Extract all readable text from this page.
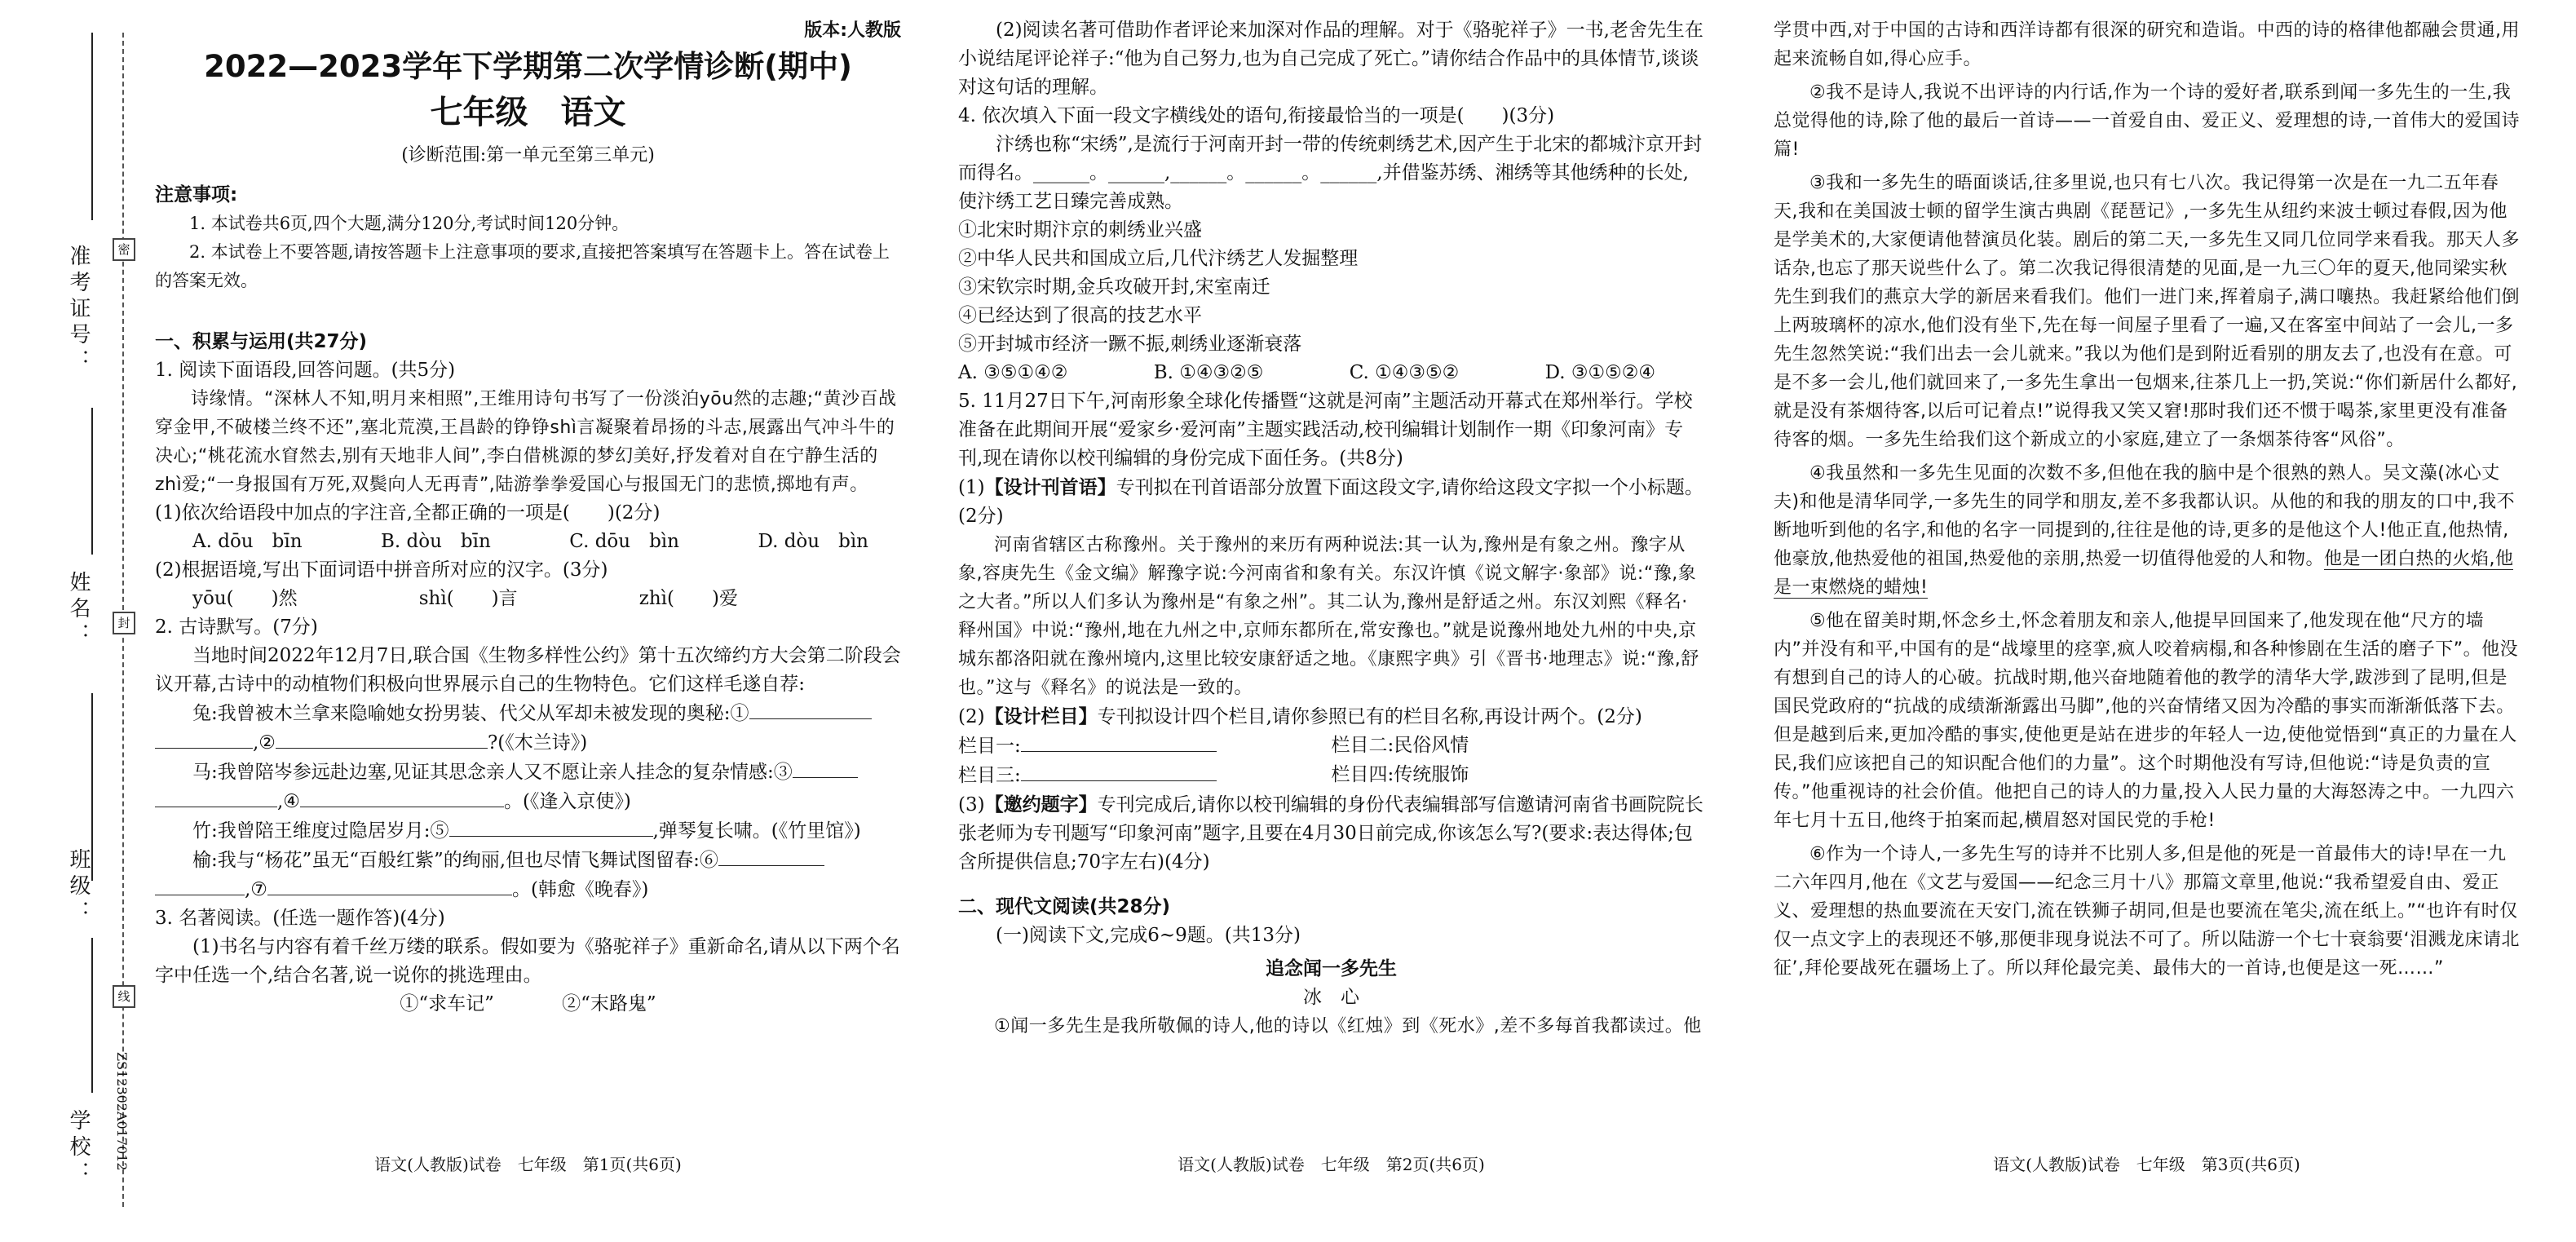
准考证号：
姓名：
班级：
学校：
密
封
线
ZS12302A017012

版本:人教版

2022—2023学年下学期第二次学情诊断(期中)

七年级　语文

(诊断范围:第一单元至第三单元)

注意事项:

1. 本试卷共6页,四个大题,满分120分,考试时间120分钟。

2. 本试卷上不要答题,请按答题卡上注意事项的要求,直接把答案填写在答题卡上。答在试卷上的答案无效。

一、积累与运用(共27分)

1. 阅读下面语段,回答问题。(共5分)

诗缘情。“深林人不知,明月来相照”,王维用诗句书写了一份淡泊yōu然的志趣;“黄沙百战穿金甲,不破楼兰终不还”,塞北荒漠,王昌龄的铮铮shì言凝聚着昂扬的斗志,展露出气冲斗牛的决心;“桃花流水窅然去,别有天地非人间”,李白借桃源的梦幻美好,抒发着对自在宁静生活的zhì爱;“一身报国有万死,双鬓向人无再青”,陆游拳拳爱国心与报国无门的悲愤,掷地有声。

(1)依次给语段中加点的字注音,全都正确的一项是(　　)(2分)

A. dōu　bīn	B. dòu　bīn	C. dōu　bìn	D. dòu　bìn

(2)根据语境,写出下面词语中拼音所对应的汉字。(3分)

yōu(　　)然	shì(　　)言	zhì(　　)爱

2. 古诗默写。(7分)

当地时间2022年12月7日,联合国《生物多样性公约》第十五次缔约方大会第二阶段会议开幕,古诗中的动植物们积极向世界展示自己的生物特色。它们这样毛遂自荐:

兔:我曾被木兰拿来隐喻她女扮男装、代父从军却未被发现的奥秘:①
,②	?(《木兰诗》)

马:我曾陪岑参远赴边塞,见证其思念亲人又不愿让亲人挂念的复杂情感:③
,④	。(《逢入京使》)

竹:我曾陪王维度过隐居岁月:⑤	,弹琴复长啸。(《竹里馆》)

榆:我与“杨花”虽无“百般红紫”的绚丽,但也尽情飞舞试图留春:⑥
,⑦	。(韩愈《晚春》)

3. 名著阅读。(任选一题作答)(4分)

(1)书名与内容有着千丝万缕的联系。假如要为《骆驼祥子》重新命名,请从以下两个名字中任选一个,结合名著,说一说你的挑选理由。

①“求车记”　　	②“末路鬼”

语文(人教版)试卷　七年级　第1页(共6页)

(2)阅读名著可借助作者评论来加深对作品的理解。对于《骆驼祥子》一书,老舍先生在小说结尾评论祥子:“他为自己努力,也为自己完成了死亡。”请你结合作品中的具体情节,谈谈对这句话的理解。

4. 依次填入下面一段文字横线处的语句,衔接最恰当的一项是(　　)(3分)

汴绣也称“宋绣”,是流行于河南开封一带的传统刺绣艺术,因产生于北宋的都城汴京开封而得名。______。______,______。______。______,并借鉴苏绣、湘绣等其他绣种的长处,使汴绣工艺日臻完善成熟。

①北宋时期汴京的刺绣业兴盛

②中华人民共和国成立后,几代汴绣艺人发掘整理

③宋钦宗时期,金兵攻破开封,宋室南迁

④已经达到了很高的技艺水平

⑤开封城市经济一蹶不振,刺绣业逐渐衰落

A. ③⑤①④②	B. ①④③②⑤	C. ①④③⑤②	D. ③①⑤②④

5. 11月27日下午,河南形象全球化传播暨“这就是河南”主题活动开幕式在郑州举行。学校准备在此期间开展“爱家乡·爱河南”主题实践活动,校刊编辑计划制作一期《印象河南》专刊,现在请你以校刊编辑的身份完成下面任务。(共8分)

(1)【设计刊首语】专刊拟在刊首语部分放置下面这段文字,请你给这段文字拟一个小标题。(2分)

河南省辖区古称豫州。关于豫州的来历有两种说法:其一认为,豫州是有象之州。豫字从象,容庚先生《金文编》解豫字说:今河南省和象有关。东汉许慎《说文解字·象部》说:“豫,象之大者。”所以人们多认为豫州是“有象之州”。其二认为,豫州是舒适之州。东汉刘熙《释名·释州国》中说:“豫州,地在九州之中,京师东都所在,常安豫也。”就是说豫州地处九州的中央,京城东都洛阳就在豫州境内,这里比较安康舒适之地。《康熙字典》引《晋书·地理志》说:“豫,舒也。”这与《释名》的说法是一致的。

(2)【设计栏目】专刊拟设计四个栏目,请你参照已有的栏目名称,再设计两个。(2分)

栏目一:	栏目二:民俗风情
栏目三:	栏目四:传统服饰

(3)【邀约题字】专刊完成后,请你以校刊编辑的身份代表编辑部写信邀请河南省书画院院长张老师为专刊题写“印象河南”题字,且要在4月30日前完成,你该怎么写?(要求:表达得体;包含所提供信息;70字左右)(4分)

二、现代文阅读(共28分)

(一)阅读下文,完成6~9题。(共13分)

追念闻一多先生

冰　心

①闻一多先生是我所敬佩的诗人,他的诗以《红烛》到《死水》,差不多每首我都读过。他

语文(人教版)试卷　七年级　第2页(共6页)

学贯中西,对于中国的古诗和西洋诗都有很深的研究和造诣。中西的诗的格律他都融会贯通,用起来流畅自如,得心应手。

②我不是诗人,我说不出评诗的内行话,作为一个诗的爱好者,联系到闻一多先生的一生,我总觉得他的诗,除了他的最后一首诗——一首爱自由、爱正义、爱理想的诗,一首伟大的爱国诗篇!

③我和一多先生的晤面谈话,往多里说,也只有七八次。我记得第一次是在一九二五年春天,我和在美国波士顿的留学生演古典剧《琵琶记》,一多先生从纽约来波士顿过春假,因为他是学美术的,大家便请他替演员化装。剧后的第二天,一多先生又同几位同学来看我。那天人多话杂,也忘了那天说些什么了。第二次我记得很清楚的见面,是一九三〇年的夏天,他同梁实秋先生到我们的燕京大学的新居来看我们。他们一进门来,挥着扇子,满口嚷热。我赶紧给他们倒上两玻璃杯的凉水,他们没有坐下,先在每一间屋子里看了一遍,又在客室中间站了一会儿,一多先生忽然笑说:“我们出去一会儿就来。”我以为他们是到附近看别的朋友去了,也没有在意。可是不多一会儿,他们就回来了,一多先生拿出一包烟来,往茶几上一扔,笑说:“你们新居什么都好,就是没有茶烟待客,以后可记着点!”说得我又笑又窘!那时我们还不惯于喝茶,家里更没有准备待客的烟。一多先生给我们这个新成立的小家庭,建立了一条烟茶待客“风俗”。

④我虽然和一多先生见面的次数不多,但他在我的脑中是个很熟的熟人。吴文藻(冰心丈夫)和他是清华同学,一多先生的同学和朋友,差不多我都认识。从他的和我的朋友的口中,我不断地听到他的名字,和他的名字一同提到的,往往是他的诗,更多的是他这个人!他正直,他热情,他豪放,他热爱他的祖国,热爱他的亲朋,热爱一切值得他爱的人和物。他是一团白热的火焰,他是一束燃烧的蜡烛!

⑤他在留美时期,怀念乡土,怀念着朋友和亲人,他提早回国来了,他发现在他“尺方的墙内”并没有和平,中国有的是“战壕里的痉挛,疯人咬着病榻,和各种惨剧在生活的磨子下”。他没有想到自己的诗人的心破。抗战时期,他兴奋地随着他的教学的清华大学,跋涉到了昆明,但是国民党政府的“抗战的成绩渐渐露出马脚”,他的兴奋情绪又因为冷酷的事实而渐渐低落下去。但是越到后来,更加冷酷的事实,使他更是站在进步的年轻人一边,使他觉悟到“真正的力量在人民,我们应该把自己的知识配合他们的力量”。这个时期他没有写诗,但他说:“诗是负责的宣传。”他重视诗的社会价值。他把自己的诗人的力量,投入人民力量的大海怒涛之中。一九四六年七月十五日,他终于拍案而起,横眉怒对国民党的手枪!

⑥作为一个诗人,一多先生写的诗并不比别人多,但是他的死是一首最伟大的诗!早在一九二六年四月,他在《文艺与爱国——纪念三月十八》那篇文章里,他说:“我希望爱自由、爱正义、爱理想的热血要流在天安门,流在铁狮子胡同,但是也要流在笔尖,流在纸上。”“也许有时仅仅一点文字上的表现还不够,那便非现身说法不可了。所以陆游一个七十衰翁要‘泪溅龙床请北征’,拜伦要战死在疆场上了。所以拜伦最完美、最伟大的一首诗,也便是这一死……”

语文(人教版)试卷　七年级　第3页(共6页)
